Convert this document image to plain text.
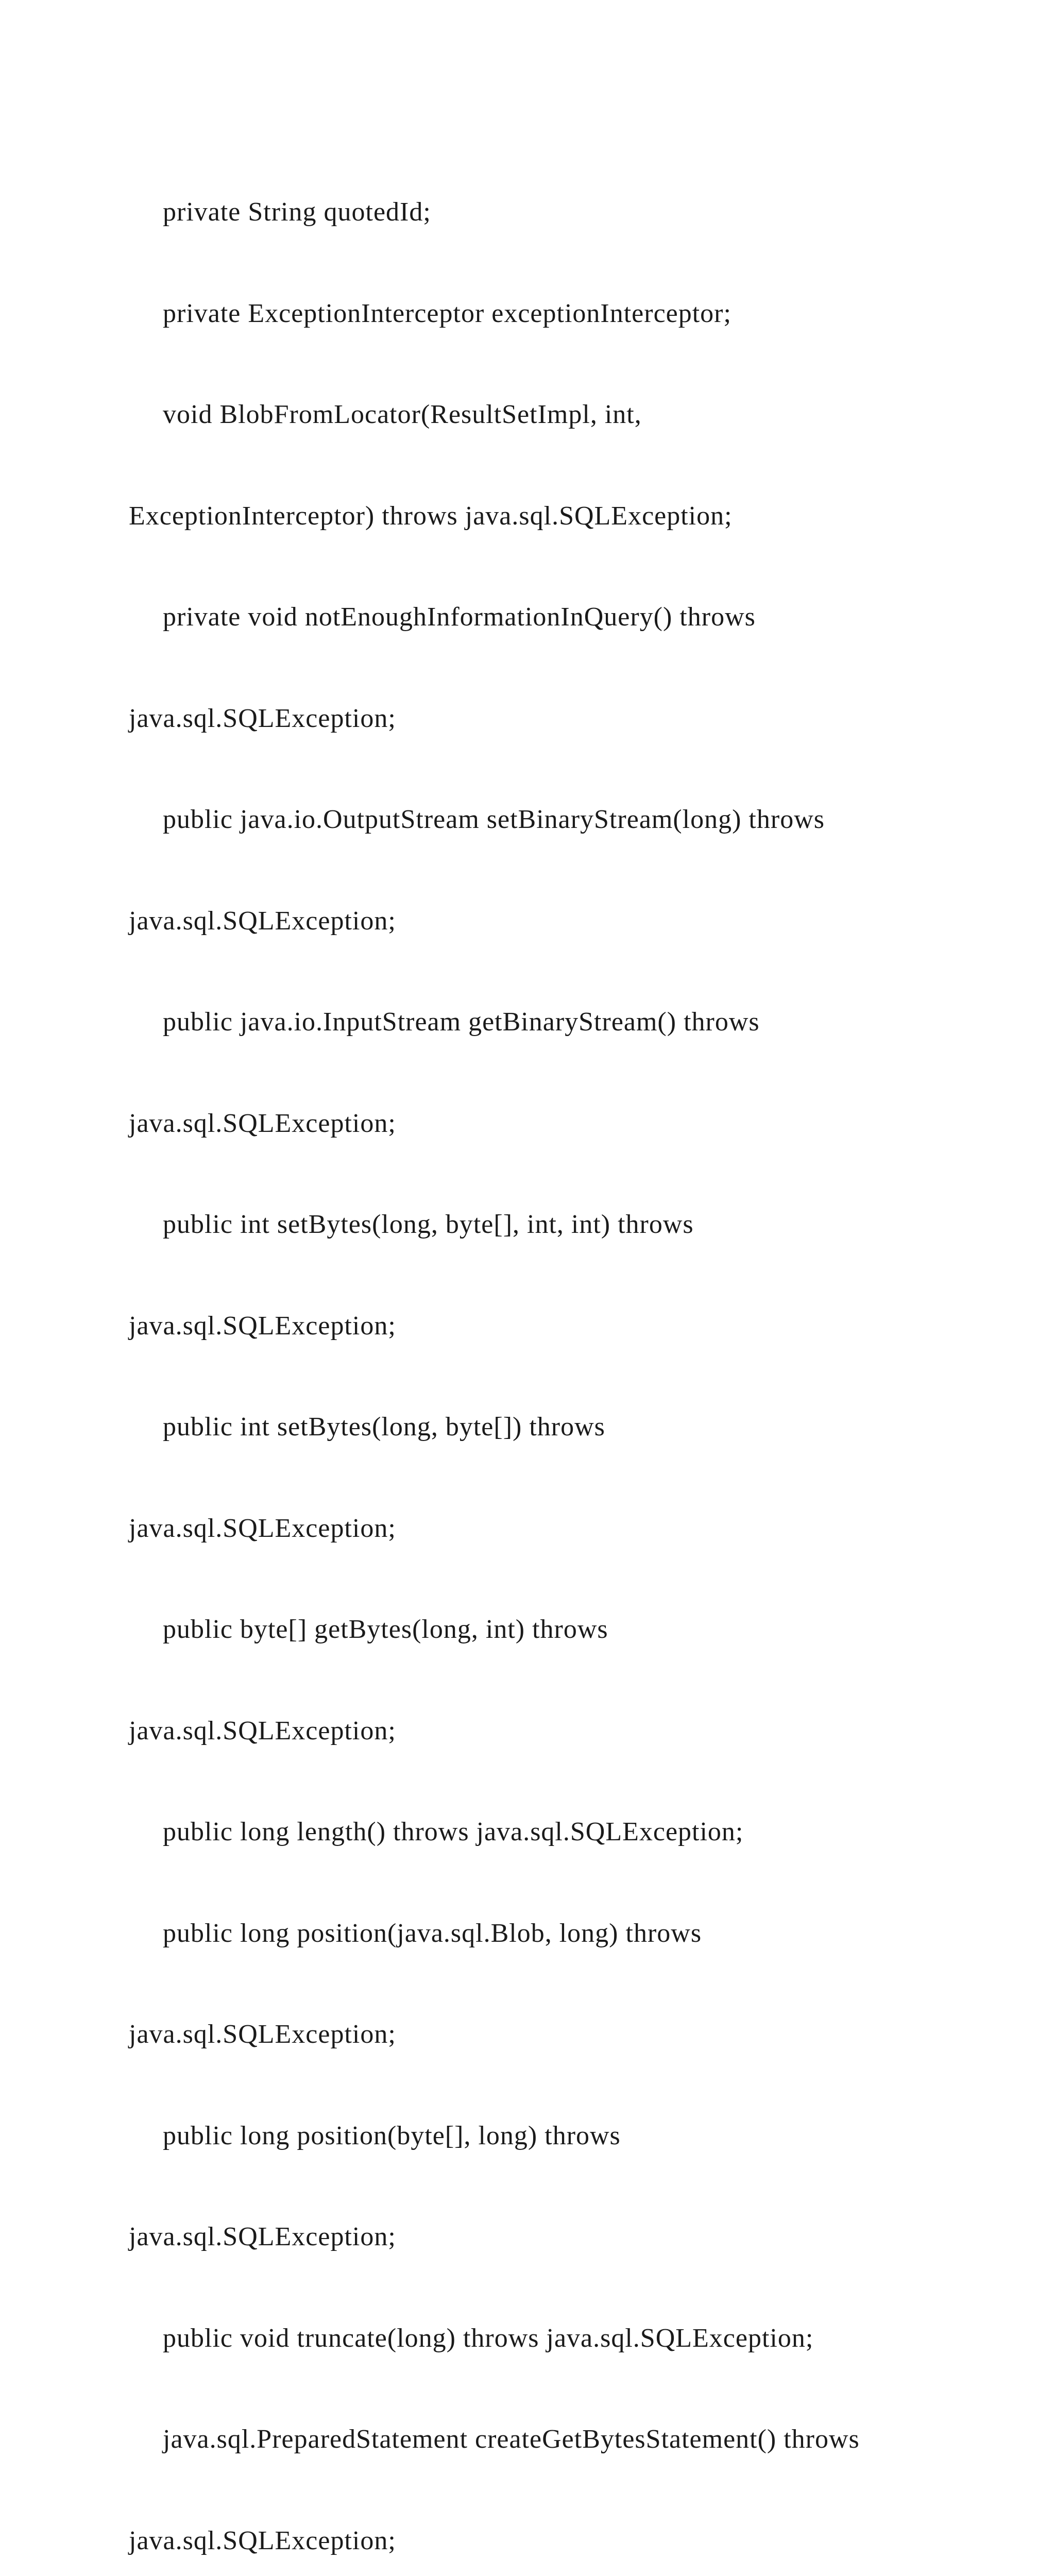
private String quotedId;

private ExceptionInterceptor exceptionInterceptor;

void BlobFromLocator(ResultSetImpl, int,

ExceptionInterceptor) throws java.sql.SQLException;

private void notEnoughInformationInQuery() throws

java.sql.SQLException;

public java.io.OutputStream setBinaryStream(long) throws

java.sql.SQLException;

public java.io.InputStream getBinaryStream() throws

java.sql.SQLException;

public int setBytes(long, byte[], int, int) throws

java.sql.SQLException;

public int setBytes(long, byte[]) throws

java.sql.SQLException;

public byte[] getBytes(long, int) throws

java.sql.SQLException;

public long length() throws java.sql.SQLException;

public long position(java.sql.Blob, long) throws

java.sql.SQLException;

public long position(byte[], long) throws

java.sql.SQLException;

public void truncate(long) throws java.sql.SQLException;

java.sql.PreparedStatement createGetBytesStatement() throws

java.sql.SQLException;
